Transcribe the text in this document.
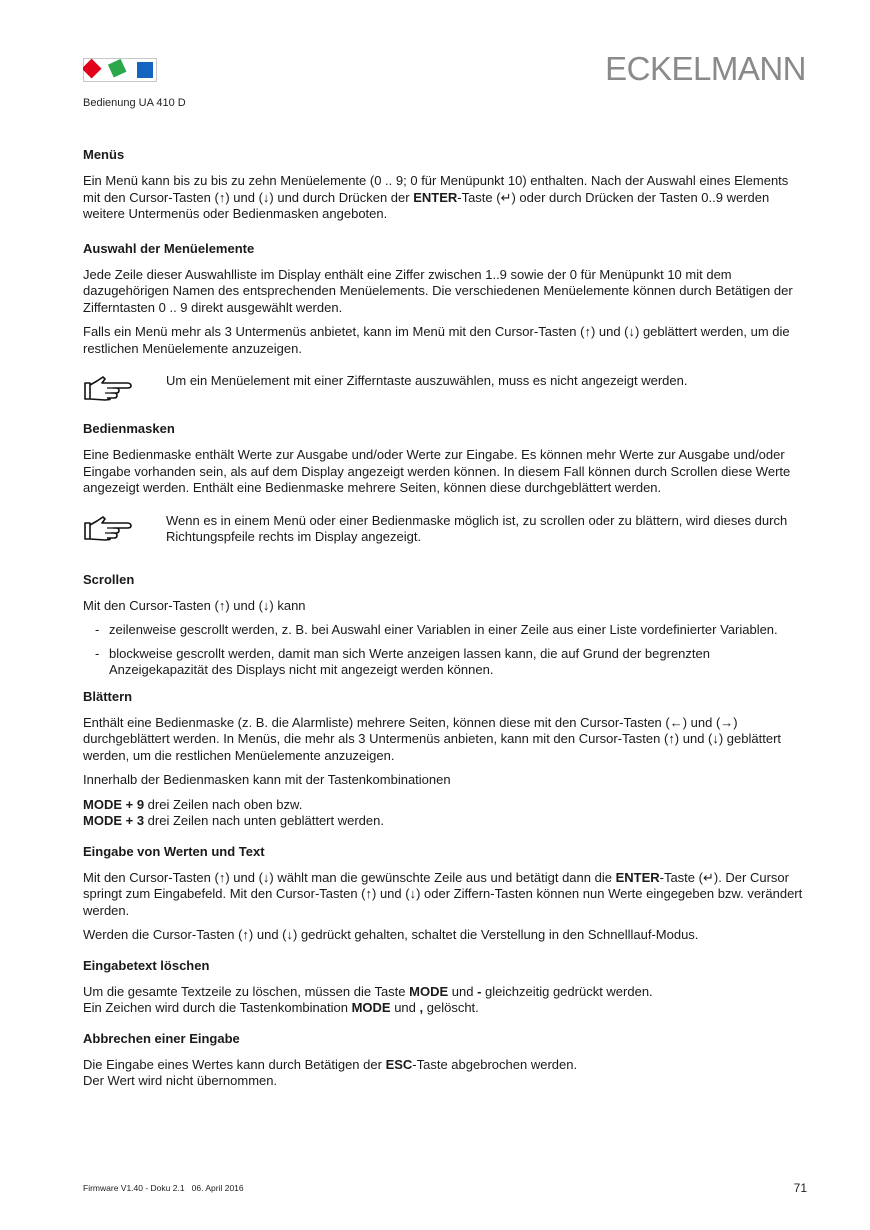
ECKELMANN
Bedienung UA 410 D
Menüs

Ein Menü kann bis zu bis zu zehn Menüelemente (0 .. 9; 0 für Menüpunkt 10) enthalten. Nach der Auswahl eines Elements mit den Cursor-Tasten (↑) und (↓) und durch Drücken der ENTER-Taste (↵) oder durch Drücken der Tasten 0..9 werden weitere Untermenüs oder Bedienmasken angeboten.

Auswahl der Menüelemente

Jede Zeile dieser Auswahlliste im Display enthält eine Ziffer zwischen 1..9 sowie der 0 für Menüpunkt 10 mit dem dazugehörigen Namen des entsprechenden Menüelements. Die verschiedenen Menüelemente können durch Betätigen der Zifferntasten 0 .. 9 direkt ausgewählt werden.

Falls ein Menü mehr als 3 Untermenüs anbietet, kann im Menü mit den Cursor-Tasten (↑) und (↓) geblättert werden, um die restlichen Menüelemente anzuzeigen.

Um ein Menüelement mit einer Zifferntaste auszuwählen, muss es nicht angezeigt werden.
Bedienmasken

Eine Bedienmaske enthält Werte zur Ausgabe und/oder Werte zur Eingabe. Es können mehr Werte zur Ausgabe und/oder Eingabe vorhanden sein, als auf dem Display angezeigt werden können. In diesem Fall können durch Scrollen diese Werte angezeigt werden. Enthält eine Bedienmaske mehrere Seiten, können diese durchgeblättert werden.

Wenn es in einem Menü oder einer Bedienmaske möglich ist, zu scrollen oder zu blättern, wird dieses durch Richtungspfeile rechts im Display angezeigt.
Scrollen

Mit den Cursor-Tasten (↑) und (↓) kann

- zeilenweise gescrollt werden, z. B. bei Auswahl einer Variablen in einer Zeile aus einer Liste vordefinierter Variablen.
- blockweise gescrollt werden, damit man sich Werte anzeigen lassen kann, die auf Grund der begrenzten Anzeigekapazität des Displays nicht mit angezeigt werden können.
Blättern

Enthält eine Bedienmaske (z. B. die Alarmliste) mehrere Seiten, können diese mit den Cursor-Tasten (←) und (→) durchgeblättert werden. In Menüs, die mehr als 3 Untermenüs anbieten, kann mit den Cursor-Tasten (↑) und (↓) geblättert werden, um die restlichen Menüelemente anzuzeigen.

Innerhalb der Bedienmasken kann mit der Tastenkombinationen

MODE + 9 drei Zeilen nach oben bzw.
MODE + 3 drei Zeilen nach unten geblättert werden.

Eingabe von Werten und Text

Mit den Cursor-Tasten (↑) und (↓) wählt man die gewünschte Zeile aus und betätigt dann die ENTER-Taste (↵). Der Cursor springt zum Eingabefeld. Mit den Cursor-Tasten (↑) und (↓) oder Ziffern-Tasten können nun Werte eingegeben bzw. verändert werden.

Werden die Cursor-Tasten (↑) und (↓) gedrückt gehalten, schaltet die Verstellung in den Schnelllauf-Modus.

Eingabetext löschen

Um die gesamte Textzeile zu löschen, müssen die Taste MODE und - gleichzeitig gedrückt werden.
Ein Zeichen wird durch die Tastenkombination MODE und , gelöscht.

Abbrechen einer Eingabe

Die Eingabe eines Wertes kann durch Betätigen der ESC-Taste abgebrochen werden.
Der Wert wird nicht übernommen.

Firmware V1.40 - Doku 2.1   06. April 2016	71
